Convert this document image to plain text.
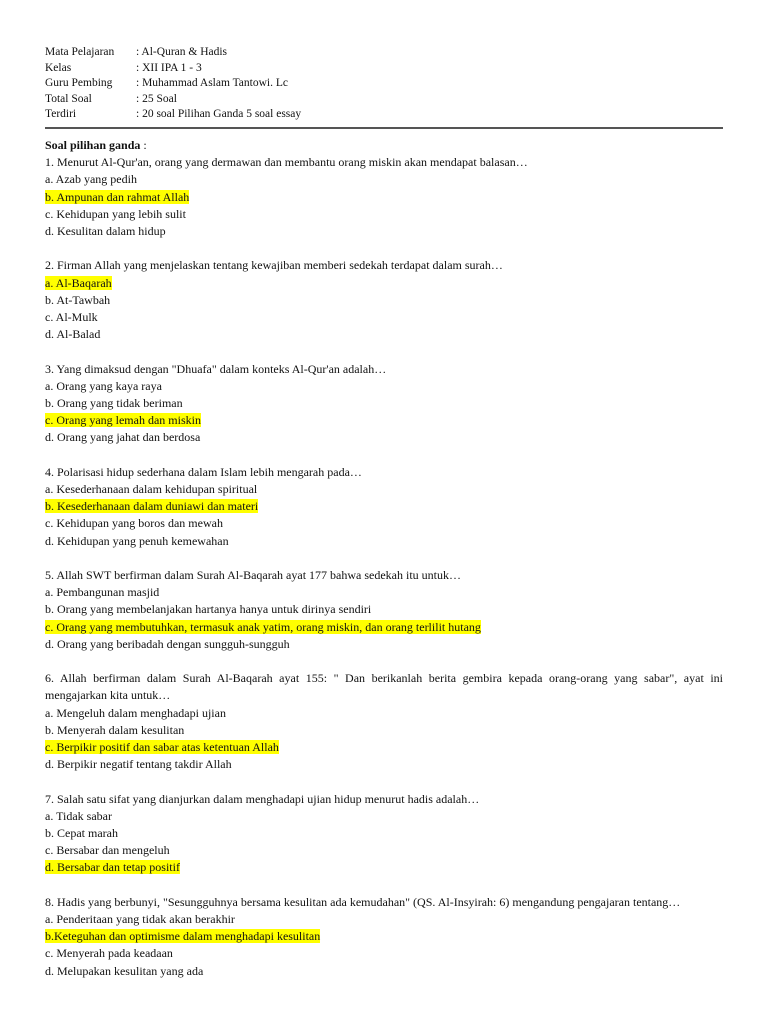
Mata Pelajaran	: Al-Quran & Hadis
Kelas	: XII IPA 1 - 3
Guru Pembing	: Muhammad Aslam Tantowi. Lc
Total Soal	: 25 Soal
Terdiri	: 20 soal Pilihan Ganda 5 soal essay
Soal pilihan ganda :
1. Menurut Al-Qur'an, orang yang dermawan dan membantu orang miskin akan mendapat balasan…
a. Azab yang pedih
b. Ampunan dan rahmat Allah
c. Kehidupan yang lebih sulit
d. Kesulitan dalam hidup
2. Firman Allah yang menjelaskan tentang kewajiban memberi sedekah terdapat dalam surah…
a. Al-Baqarah
b. At-Tawbah
c. Al-Mulk
d. Al-Balad
3. Yang dimaksud dengan "Dhuafa" dalam konteks Al-Qur'an adalah…
a. Orang yang kaya raya
b. Orang yang tidak beriman
c. Orang yang lemah dan miskin
d. Orang yang jahat dan berdosa
4. Polarisasi hidup sederhana dalam Islam lebih mengarah pada…
a. Kesederhanaan dalam kehidupan spiritual
b. Kesederhanaan dalam duniawi dan materi
c. Kehidupan yang boros dan mewah
d. Kehidupan yang penuh kemewahan
5. Allah SWT berfirman dalam Surah Al-Baqarah ayat 177 bahwa sedekah itu untuk…
a. Pembangunan masjid
b. Orang yang membelanjakan hartanya hanya untuk dirinya sendiri
c. Orang yang membutuhkan, termasuk anak yatim, orang miskin, dan orang terlilit hutang
d. Orang yang beribadah dengan sungguh-sungguh
6. Allah berfirman dalam Surah Al-Baqarah ayat 155: " Dan berikanlah berita gembira kepada orang-orang yang sabar", ayat ini mengajarkan kita untuk…
a. Mengeluh dalam menghadapi ujian
b. Menyerah dalam kesulitan
c. Berpikir positif dan sabar atas ketentuan Allah
d. Berpikir negatif tentang takdir Allah
7. Salah satu sifat yang dianjurkan dalam menghadapi ujian hidup menurut hadis adalah…
a. Tidak sabar
b. Cepat marah
c. Bersabar dan mengeluh
d. Bersabar dan tetap positif
8. Hadis yang berbunyi, "Sesungguhnya bersama kesulitan ada kemudahan" (QS. Al-Insyirah: 6) mengandung pengajaran tentang…
a. Penderitaan yang tidak akan berakhir
b.Keteguhan dan optimisme dalam menghadapi kesulitan
c. Menyerah pada keadaan
d. Melupakan kesulitan yang ada
